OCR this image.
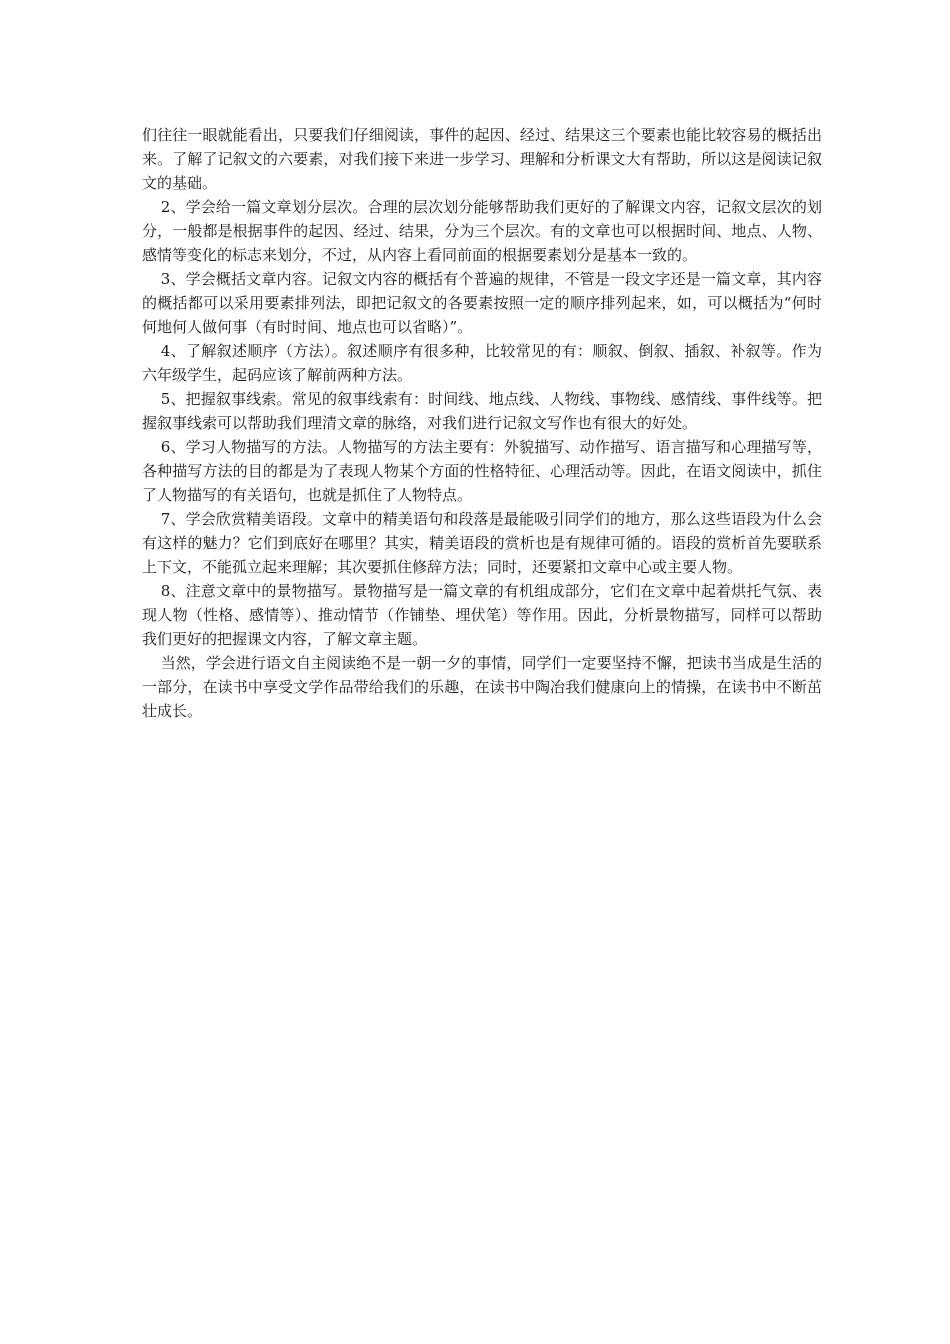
们往往一眼就能看出，只要我们仔细阅读，事件的起因、经过、结果这三个要素也能比较容易的概括出来。了解了记叙文的六要素，对我们接下来进一步学习、理解和分析课文大有帮助，所以这是阅读记叙文的基础。

2、学会给一篇文章划分层次。合理的层次划分能够帮助我们更好的了解课文内容，记叙文层次的划分，一般都是根据事件的起因、经过、结果，分为三个层次。有的文章也可以根据时间、地点、人物、感情等变化的标志来划分，不过，从内容上看同前面的根据要素划分是基本一致的。

3、学会概括文章内容。记叙文内容的概括有个普遍的规律，不管是一段文字还是一篇文章，其内容的概括都可以采用要素排列法，即把记叙文的各要素按照一定的顺序排列起来，如，可以概括为“何时何地何人做何事（有时时间、地点也可以省略）”。

4、了解叙述顺序（方法）。叙述顺序有很多种，比较常见的有：顺叙、倒叙、插叙、补叙等。作为六年级学生，起码应该了解前两种方法。

5、把握叙事线索。常见的叙事线索有：时间线、地点线、人物线、事物线、感情线、事件线等。把握叙事线索可以帮助我们理清文章的脉络，对我们进行记叙文写作也有很大的好处。

6、学习人物描写的方法。人物描写的方法主要有：外貌描写、动作描写、语言描写和心理描写等，各种描写方法的目的都是为了表现人物某个方面的性格特征、心理活动等。因此，在语文阅读中，抓住了人物描写的有关语句，也就是抓住了人物特点。

7、学会欣赏精美语段。文章中的精美语句和段落是最能吸引同学们的地方，那么这些语段为什么会有这样的魅力？它们到底好在哪里？其实，精美语段的赏析也是有规律可循的。语段的赏析首先要联系上下文，不能孤立起来理解；其次要抓住修辞方法；同时，还要紧扣文章中心或主要人物。

8、注意文章中的景物描写。景物描写是一篇文章的有机组成部分，它们在文章中起着烘托气氛、表现人物（性格、感情等）、推动情节（作铺垫、埋伏笔）等作用。因此，分析景物描写，同样可以帮助我们更好的把握课文内容，了解文章主题。

当然，学会进行语文自主阅读绝不是一朝一夕的事情，同学们一定要坚持不懈，把读书当成是生活的一部分，在读书中享受文学作品带给我们的乐趣，在读书中陶冶我们健康向上的情操，在读书中不断茁壮成长。
